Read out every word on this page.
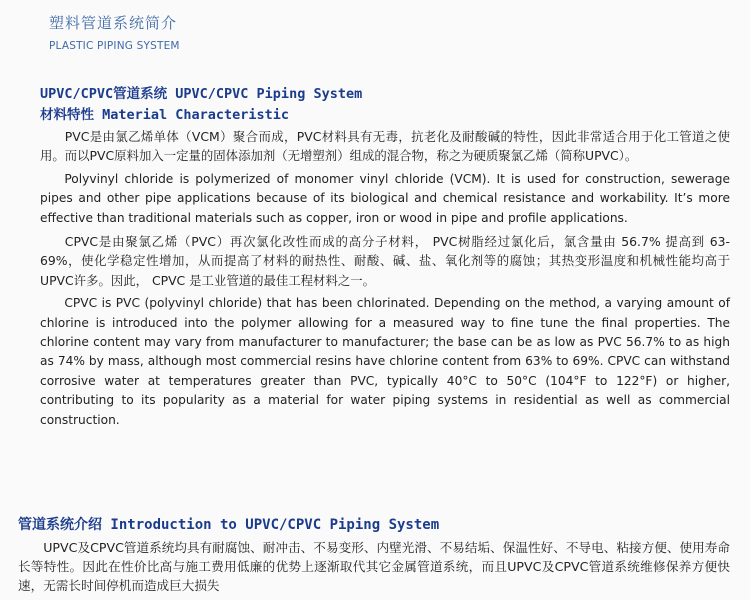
塑料管道系统简介
PLASTIC PIPING SYSTEM
UPVC/CPVC管道系统 UPVC/CPVC Piping System
材料特性 Material Characteristic

PVC是由氯乙烯单体（VCM）聚合而成，PVC材料具有无毒，抗老化及耐酸碱的特性，因此非常适合用于化工管道之使用。而以PVC原料加入一定量的固体添加剂（无增塑剂）组成的混合物，称之为硬质聚氯乙烯（简称UPVC）。

Polyvinyl chloride is polymerized of monomer vinyl chloride (VCM). It is used for construction, sewerage pipes and other pipe applications because of its biological and chemical resistance and workability. It’s more effective than traditional materials such as copper, iron or wood in pipe and profile applications.

CPVC是由聚氯乙烯（PVC）再次氯化改性而成的高分子材料， PVC树脂经过氯化后，氯含量由 56.7% 提高到 63-69%，使化学稳定性增加，从而提高了材料的耐热性、耐酸、碱、盐、氧化剂等的腐蚀；其热变形温度和机械性能均高于UPVC许多。因此， CPVC 是工业管道的最佳工程材料之一。

CPVC is PVC (polyvinyl chloride) that has been chlorinated. Depending on the method, a varying amount of chlorine is introduced into the polymer allowing for a measured way to fine tune the final properties. The chlorine content may vary from manufacturer to manufacturer; the base can be as low as PVC 56.7% to as high as 74% by mass, although most commercial resins have chlorine content from 63% to 69%. CPVC can withstand corrosive water at temperatures greater than PVC, typically 40°C to 50°C (104°F to 122°F) or higher, contributing to its popularity as a material for water piping systems in residential as well as commercial construction.

管道系统介绍 Introduction to UPVC/CPVC Piping System

UPVC及CPVC管道系统均具有耐腐蚀、耐冲击、不易变形、内壁光滑、不易结垢、保温性好、不导电、粘接方便、使用寿命长等特性。因此在性价比高与施工费用低廉的优势上逐渐取代其它金属管道系统，而且UPVC及CPVC管道系统维修保养方便快速，无需长时间停机而造成巨大损失
